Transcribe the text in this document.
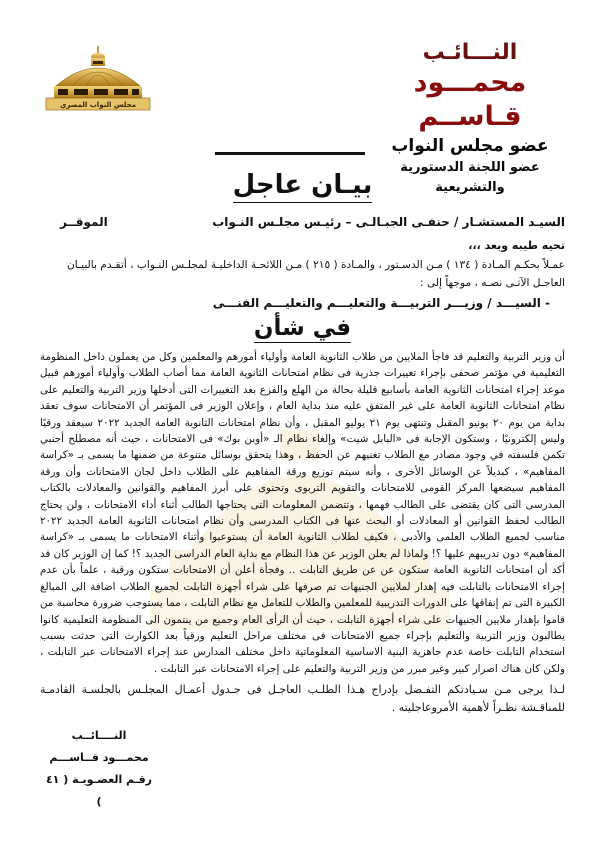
النـــائـب
محمـــود قـاســم
عضو مجلس النواب
عضو اللجنة الدستورية والتشريعية
مجلس النواب المصري
بيـان عاجل
السيـد المستشـار / حنفـى الجبـالـى – رئيـس مجلـس النـواب
الموقــر
تحيه طيبه وبعد ،،،
عمـلاً بحكـم المـادة ( ١٣٤ ) مـن الدسـتور ، والمـادة ( ٢١٥ ) مـن اللائحـة الداخليـة لمجلـس النـواب ، أتقـدم بالبيـان العاجـل الآتـى نصـه ، موجهاً إلى :
- السيـــد / وزيـــر التربيـــة والتعليـــم والتعليـــم الفنـــى
في شأن
أن وزير التربية والتعليم قد فاجأ الملايين من طلاب الثانوية العامة وأولياء أمورهم والمعلمين وكل من يعملون داخل المنظومة التعليمية في مؤتمر صحفى بإجراء تغييرات جذرية فى نظام امتحانات الثانوية العامة مما أصاب الطلاب وأولياء أمورهم قبيل موعد إجراء امتحانات الثانوية العامة بأسابيع قليلة بحالة من الهلع والفزع بعد التغييرات التى أدخلها وزير التربية والتعليم على نظام امتحانات الثانوية العامة على غير المتفق عليه منذ بداية العام ، وإعلان الوزير فى المؤتمر أن الامتحانات سوف تعقد بداية من يوم ٢٠ يونيو المقبل وتنتهى يوم ٢١ يوليو المقبل ، وأن نظام امتحانات الثانوية العامة الجديد ٢٠٢٢ سيعقد ورقيًا وليس إلكترونيًا ، وستكون الإجابة فى «البابل شيت» وإلغاء نظام الـ «أوبن بوك» فى الامتحانات ، حيث أنه مصطلح أجنبي تكمن فلسفته في وجود مصادر مع الطلاب تغنيهم عن الحفظ ، وهذا يتحقق بوسائل متنوعة من ضمنها ما يسمى بـ «كراسة المفاهيم» ، كبديلاً عن الوسائل الأخرى ، وأنه سيتم توزيع ورقة المفاهيم على الطلاب داخل لجان الامتحانات وأن ورقة المفاهيم سيضعها المركز القومى للامتحانات والتقويم التربوى وتحتوى على أبرز المفاهيم والقوانين والمعادلات بالكتاب المدرسى التى كان يقتضى على الطالب فهمها ، وتتضمن المعلومات التى يحتاجها الطالب أثناء أداء الامتحانات ، ولن يحتاج الطالب لحفظ القوانين أو المعادلات أو البحث عنها فى الكتاب المدرسى وأن نظام امتحانات الثانوية العامة الجديد ٢٠٢٢ مناسب لجميع الطلاب العلمى والأدبى ، فكيف لطلاب الثانوية العامة أن يستوعبوا وأثناء الامتحانات ما يسمى بـ «كراسة المفاهيم» دون تدريبهم عليها ؟! ولماذا لم يعلن الوزير عن هذا النظام مع بداية العام الدراسى الجديد ؟! كما إن الوزير كان قد أكد أن امتحانات الثانوية العامة ستكون عن عن طريق التابلت .. وفجأة أعلن أن الامتحانات ستكون ورقية ، علماً بأن عدم إجراء الامتحانات بالتابلت فيه إهدار لملايين الجنيهات تم صرفها على شراء أجهزة التابلت لجميع الطلاب اضافة الى المبالغ الكبيرة التى تم إنفاقها على الدورات التدريبية للمعلمين والطلاب للتعامل مع نظام التابلت ، مما يستوجب ضرورة محاسبة من قاموا بإهدار ملايين الجنيهات على شراء أجهزة التابلت ، حيث أن الرأى العام وجميع من ينتمون الى المنظومة التعليمية كانوا يطالبون وزير التربية والتعليم بإجراء جميع الامتحانات فى مختلف مراحل التعليم ورقياً بعد الكوارث التى حدثت بسبب استخدام التابلت خاصة عدم جاهزية البنية الاساسية المعلوماتية داخل مختلف المدارس عند إجراء الامتحانات عبر التابلت ، ولكن كان هناك اصرار كبير وغير مبرر من وزير التربية والتعليم على إجراء الامتحانات عبر التابلت .
لـذا يرجى مـن سـيادتكم التفـضل بإدراج هـذا الطلـب العاجـل فى جـدول أعمـال المجلـس بالجلسـة القادمـة للمناقـشة نظـراً لأهمية الأمروعاجليته .
النــــائــب
محمـــود قــاســـم
رقـم العضـويـة ( ٤١ )
